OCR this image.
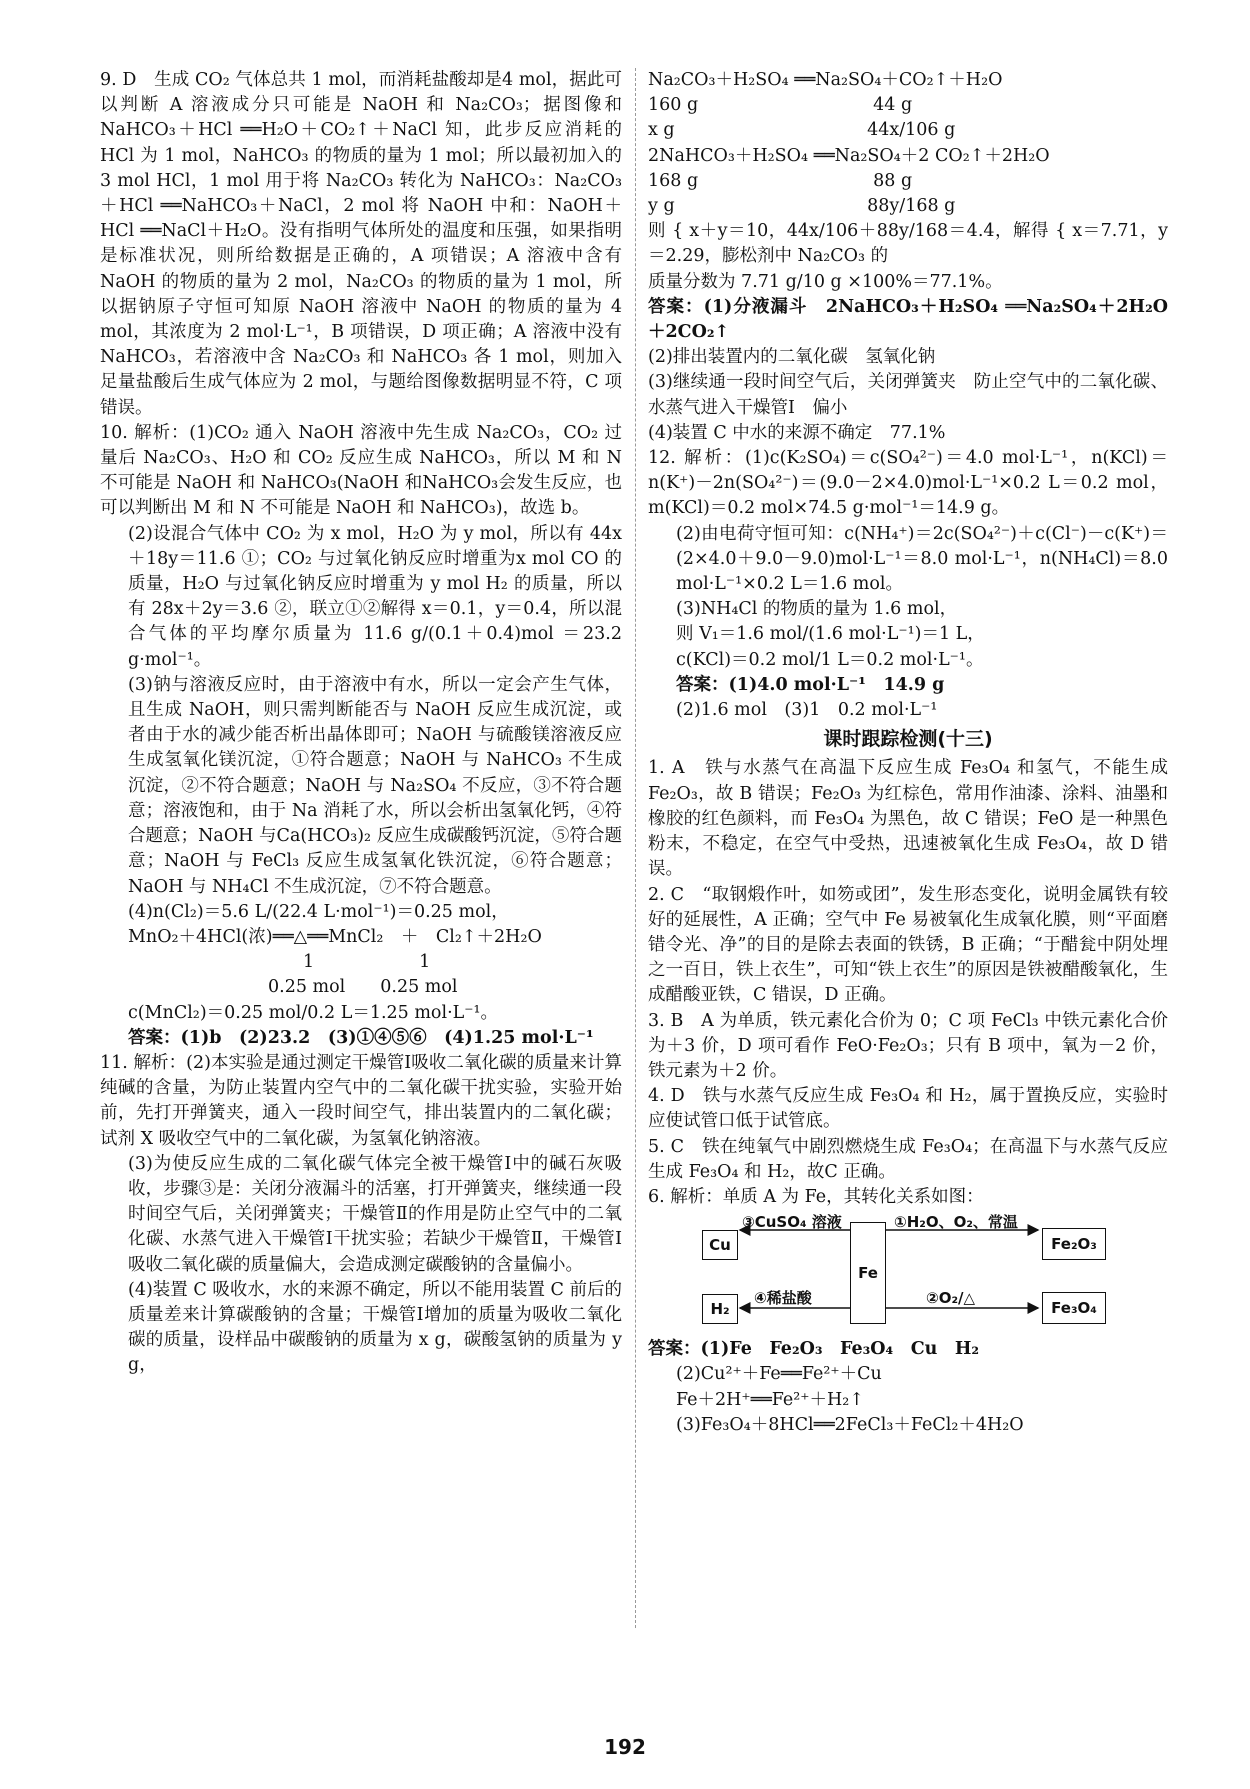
9. D　生成 CO₂ 气体总共 1 mol，而消耗盐酸却是4 mol，据此可以判断 A 溶液成分只可能是 NaOH 和 Na₂CO₃；据图像和 NaHCO₃＋HCl ══H₂O＋CO₂↑＋NaCl 知，此步反应消耗的 HCl 为 1 mol，NaHCO₃ 的物质的量为 1 mol；所以最初加入的 3 mol HCl，1 mol 用于将 Na₂CO₃ 转化为 NaHCO₃：Na₂CO₃＋HCl ══NaHCO₃＋NaCl，2 mol 将 NaOH 中和：NaOH＋HCl ══NaCl＋H₂O。没有指明气体所处的温度和压强，如果指明是标准状况，则所给数据是正确的，A 项错误；A 溶液中含有 NaOH 的物质的量为 2 mol，Na₂CO₃ 的物质的量为 1 mol，所以据钠原子守恒可知原 NaOH 溶液中 NaOH 的物质的量为 4 mol，其浓度为 2 mol·L⁻¹，B 项错误，D 项正确；A 溶液中没有 NaHCO₃，若溶液中含 Na₂CO₃ 和 NaHCO₃ 各 1 mol，则加入足量盐酸后生成气体应为 2 mol，与题给图像数据明显不符，C 项错误。

10. 解析：(1)CO₂ 通入 NaOH 溶液中先生成 Na₂CO₃，CO₂ 过量后 Na₂CO₃、H₂O 和 CO₂ 反应生成 NaHCO₃，所以 M 和 N 不可能是 NaOH 和 NaHCO₃(NaOH 和NaHCO₃会发生反应，也可以判断出 M 和 N 不可能是 NaOH 和 NaHCO₃)，故选 b。

(2)设混合气体中 CO₂ 为 x mol，H₂O 为 y mol，所以有 44x＋18y＝11.6 ①；CO₂ 与过氧化钠反应时增重为x mol CO 的质量，H₂O 与过氧化钠反应时增重为 y mol H₂ 的质量，所以有 28x＋2y＝3.6 ②，联立①②解得 x＝0.1，y＝0.4，所以混合气体的平均摩尔质量为 11.6 g/(0.1＋0.4)mol ＝23.2 g·mol⁻¹。

(3)钠与溶液反应时，由于溶液中有水，所以一定会产生气体，且生成 NaOH，则只需判断能否与 NaOH 反应生成沉淀，或者由于水的减少能否析出晶体即可；NaOH 与硫酸镁溶液反应生成氢氧化镁沉淀，①符合题意；NaOH 与 NaHCO₃ 不生成沉淀，②不符合题意；NaOH 与 Na₂SO₄ 不反应，③不符合题意；溶液饱和，由于 Na 消耗了水，所以会析出氢氧化钙，④符合题意；NaOH 与Ca(HCO₃)₂ 反应生成碳酸钙沉淀，⑤符合题意；NaOH 与 FeCl₃ 反应生成氢氧化铁沉淀，⑥符合题意；NaOH 与 NH₄Cl 不生成沉淀，⑦不符合题意。

(4)n(Cl₂)＝5.6 L/(22.4 L·mol⁻¹)＝0.25 mol，

MnO₂＋4HCl(浓)══△══MnCl₂　＋　Cl₂↑＋2H₂O

　　　　　　　　　　1　　　　　　1

　　　　　　　　0.25 mol　　0.25 mol

c(MnCl₂)＝0.25 mol/0.2 L＝1.25 mol·L⁻¹。

答案：(1)b　(2)23.2　(3)①④⑤⑥　(4)1.25 mol·L⁻¹

11. 解析：(2)本实验是通过测定干燥管Ⅰ吸收二氧化碳的质量来计算纯碱的含量，为防止装置内空气中的二氧化碳干扰实验，实验开始前，先打开弹簧夹，通入一段时间空气，排出装置内的二氧化碳；试剂 X 吸收空气中的二氧化碳，为氢氧化钠溶液。

(3)为使反应生成的二氧化碳气体完全被干燥管Ⅰ中的碱石灰吸收，步骤③是：关闭分液漏斗的活塞，打开弹簧夹，继续通一段时间空气后，关闭弹簧夹；干燥管Ⅱ的作用是防止空气中的二氧化碳、水蒸气进入干燥管Ⅰ干扰实验；若缺少干燥管Ⅱ，干燥管Ⅰ吸收二氧化碳的质量偏大，会造成测定碳酸钠的含量偏小。

(4)装置 C 吸收水，水的来源不确定，所以不能用装置 C 前后的质量差来计算碳酸钠的含量；干燥管Ⅰ增加的质量为吸收二氧化碳的质量，设样品中碳酸钠的质量为 x g，碳酸氢钠的质量为 y g，

Na₂CO₃＋H₂SO₄ ══Na₂SO₄＋CO₂↑＋H₂O

160 g　　　　　　　　　　44 g

x g　　　　　　　　　　　44x/106 g

2NaHCO₃＋H₂SO₄ ══Na₂SO₄＋2 CO₂↑＋2H₂O

168 g　　　　　　　　　　88 g

y g　　　　　　　　　　　88y/168 g

则 { x＋y＝10，44x/106＋88y/168＝4.4，解得 { x＝7.71，y＝2.29，膨松剂中 Na₂CO₃ 的

质量分数为 7.71 g/10 g ×100%＝77.1%。

答案：(1)分液漏斗　2NaHCO₃＋H₂SO₄ ══Na₂SO₄＋2H₂O＋2CO₂↑

(2)排出装置内的二氧化碳　氢氧化钠

(3)继续通一段时间空气后，关闭弹簧夹　防止空气中的二氧化碳、水蒸气进入干燥管Ⅰ　偏小

(4)装置 C 中水的来源不确定　77.1%

12. 解析：(1)c(K₂SO₄)＝c(SO₄²⁻)＝4.0 mol·L⁻¹，n(KCl)＝n(K⁺)－2n(SO₄²⁻)＝(9.0－2×4.0)mol·L⁻¹×0.2 L＝0.2 mol，m(KCl)＝0.2 mol×74.5 g·mol⁻¹＝14.9 g。

(2)由电荷守恒可知：c(NH₄⁺)＝2c(SO₄²⁻)＋c(Cl⁻)－c(K⁺)＝(2×4.0＋9.0－9.0)mol·L⁻¹＝8.0 mol·L⁻¹，n(NH₄Cl)＝8.0 mol·L⁻¹×0.2 L＝1.6 mol。

(3)NH₄Cl 的物质的量为 1.6 mol，

则 V₁＝1.6 mol/(1.6 mol·L⁻¹)＝1 L，

c(KCl)＝0.2 mol/1 L＝0.2 mol·L⁻¹。

答案：(1)4.0 mol·L⁻¹　14.9 g

(2)1.6 mol　(3)1　0.2 mol·L⁻¹

课时跟踪检测(十三)

1. A　铁与水蒸气在高温下反应生成 Fe₃O₄ 和氢气，不能生成 Fe₂O₃，故 B 错误；Fe₂O₃ 为红棕色，常用作油漆、涂料、油墨和橡胶的红色颜料，而 Fe₃O₄ 为黑色，故 C 错误；FeO 是一种黑色粉末，不稳定，在空气中受热，迅速被氧化生成 Fe₃O₄，故 D 错误。

2. C　“取钢煅作叶，如笏或团”，发生形态变化，说明金属铁有较好的延展性，A 正确；空气中 Fe 易被氧化生成氧化膜，则“平面磨错令光、净”的目的是除去表面的铁锈，B 正确；“于醋瓮中阴处埋之一百日，铁上衣生”，可知“铁上衣生”的原因是铁被醋酸氧化，生成醋酸亚铁，C 错误，D 正确。

3. B　A 为单质，铁元素化合价为 0；C 项 FeCl₃ 中铁元素化合价为＋3 价，D 项可看作 FeO·Fe₂O₃；只有 B 项中，氧为－2 价，铁元素为＋2 价。

4. D　铁与水蒸气反应生成 Fe₃O₄ 和 H₂，属于置换反应，实验时应使试管口低于试管底。

5. C　铁在纯氧气中剧烈燃烧生成 Fe₃O₄；在高温下与水蒸气反应生成 Fe₃O₄ 和 H₂，故C 正确。

6. 解析：单质 A 为 Fe，其转化关系如图：

Cu
H₂
Fe
Fe₂O₃
Fe₃O₄
③CuSO₄ 溶液
④稀盐酸
①H₂O、O₂、常温
②O₂/△

答案：(1)Fe　Fe₂O₃　Fe₃O₄　Cu　H₂

(2)Cu²⁺＋Fe══Fe²⁺＋Cu

Fe＋2H⁺══Fe²⁺＋H₂↑

(3)Fe₃O₄＋8HCl══2FeCl₃＋FeCl₂＋4H₂O

192
